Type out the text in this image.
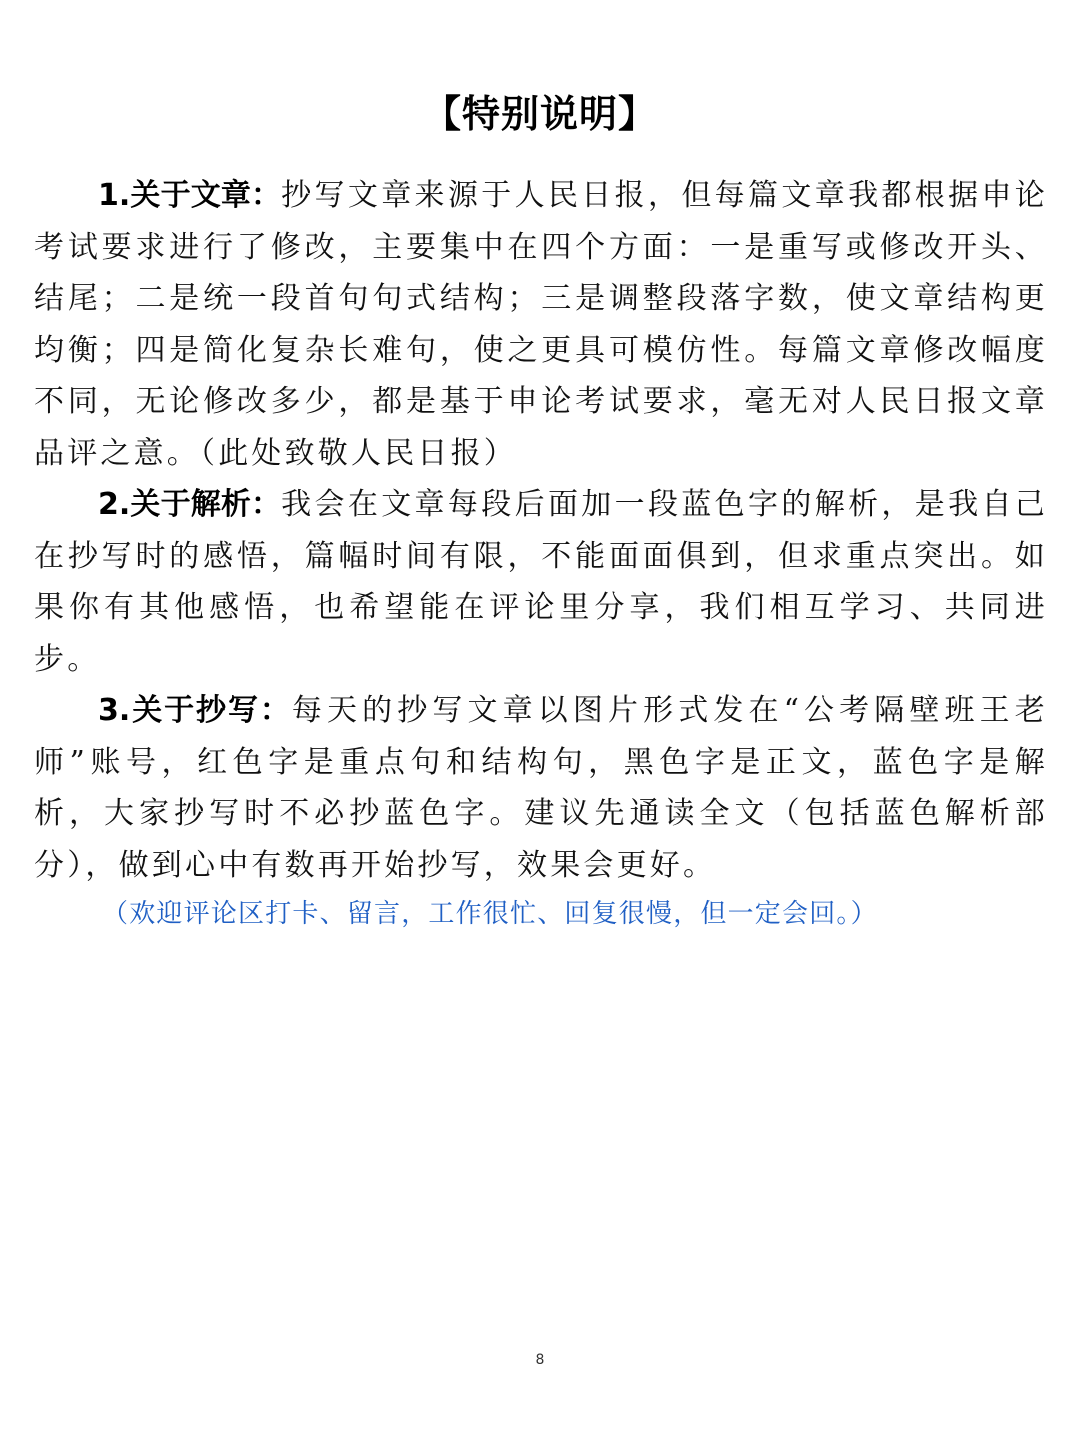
【特别说明】

1.关于文章：抄写文章来源于人民日报，但每篇文章我都根据申论考试要求进行了修改，主要集中在四个方面：一是重写或修改开头、结尾；二是统一段首句句式结构；三是调整段落字数，使文章结构更均衡；四是简化复杂长难句，使之更具可模仿性。每篇文章修改幅度不同，无论修改多少，都是基于申论考试要求，毫无对人民日报文章品评之意。（此处致敬人民日报）

2.关于解析：我会在文章每段后面加一段蓝色字的解析，是我自己在抄写时的感悟，篇幅时间有限，不能面面俱到，但求重点突出。如果你有其他感悟，也希望能在评论里分享，我们相互学习、共同进步。

3.关于抄写：每天的抄写文章以图片形式发在“公考隔壁班王老师”账号，红色字是重点句和结构句，黑色字是正文，蓝色字是解析，大家抄写时不必抄蓝色字。建议先通读全文（包括蓝色解析部分），做到心中有数再开始抄写，效果会更好。

（欢迎评论区打卡、留言，工作很忙、回复很慢，但一定会回。）
8
